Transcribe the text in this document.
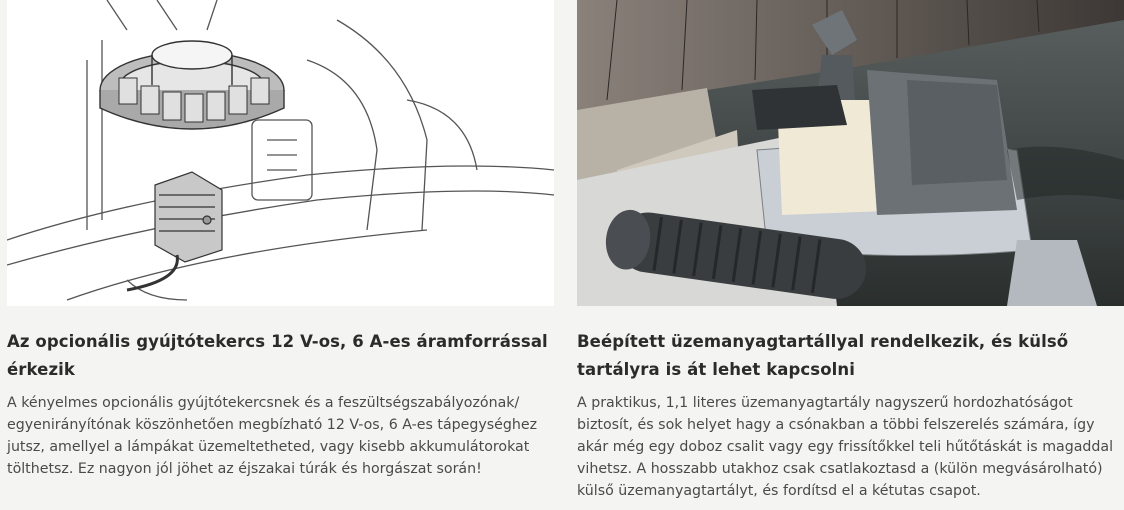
Az opcionális gyújtótekercs 12 V-os, 6 A-es áramforrással érkezik
A kényelmes opcionális gyújtótekercsnek és a feszültségszabályozónak/ egyenirányítónak köszönhetően megbízható 12 V-os, 6 A-es tápegységhez jutsz, amellyel a lámpákat üzemeltetheted, vagy kisebb akkumulátorokat tölthetsz. Ez nagyon jól jöhet az éjszakai túrák és horgászat során!
Beépített üzemanyagtartállyal rendelkezik, és külső tartályra is át lehet kapcsolni
A praktikus, 1,1 literes üzemanyagtartály nagyszerű hordozhatóságot biztosít, és sok helyet hagy a csónakban a többi felszerelés számára, így akár még egy doboz csalit vagy egy frissítőkkel teli hűtőtáskát is magaddal vihetsz. A hosszabb utakhoz csak csatlakoztasd a (külön megvásárolható) külső üzemanyagtartályt, és fordítsd el a kétutas csapot.
